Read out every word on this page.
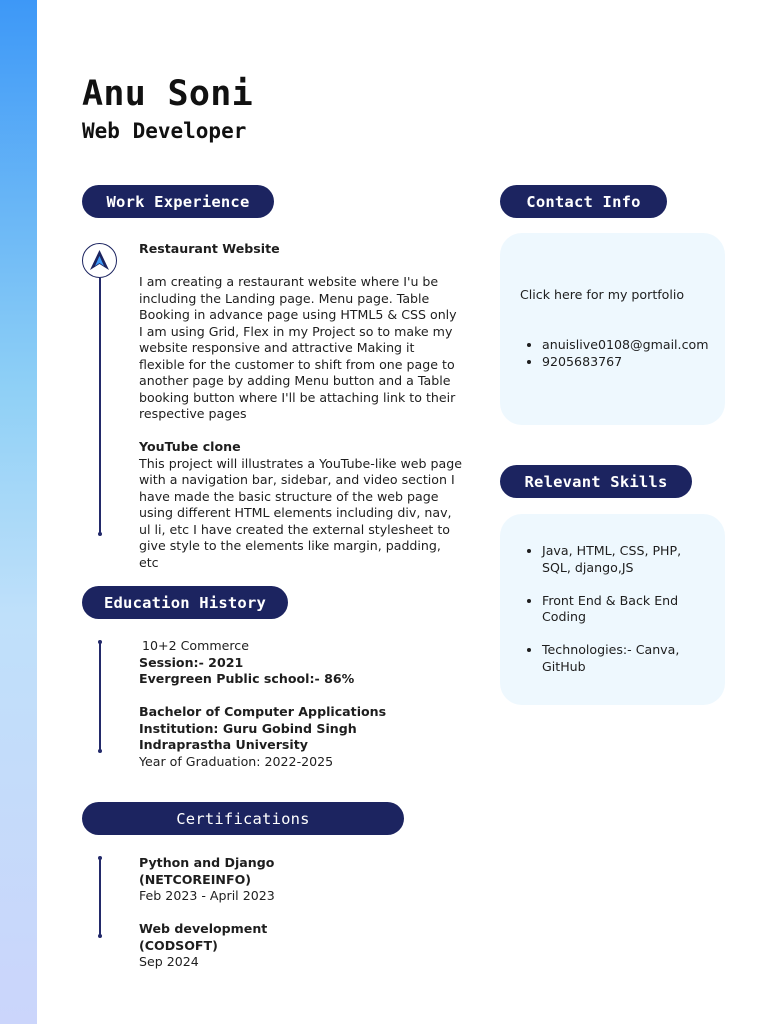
Anu Soni
Web Developer
Work Experience

Restaurant Website

I am creating a restaurant website where I'u be including the Landing page. Menu page. Table Booking in advance page using HTML5 & CSS only I am using Grid, Flex in my Project so to make my website responsive and attractive Making it flexible for the customer to shift from one page to another page by adding Menu button and a Table booking button where I'll be attaching link to their respective pages

YouTube clone

This project will illustrates a YouTube-like web page with a navigation bar, sidebar, and video section I have made the basic structure of the web page using different HTML elements including div, nav, ul li, etc I have created the external stylesheet to give style to the elements like margin, padding, etc

Education History

10+2 Commerce

Session:- 2021

Evergreen Public school:- 86%

Bachelor of Computer Applications

Institution: Guru Gobind Singh

Indraprastha University

Year of Graduation: 2022-2025

Certifications

Python and Django

(NETCOREINFO)

Feb 2023 - April 2023

Web development

(CODSOFT)

Sep 2024

Contact Info
Click here for my portfolio
• anuislive0108@gmail.com
• 9205683767
Relevant Skills
• Java, HTML, CSS, PHP, SQL, django,JS
• Front End & Back End Coding
• Technologies:- Canva, GitHub
